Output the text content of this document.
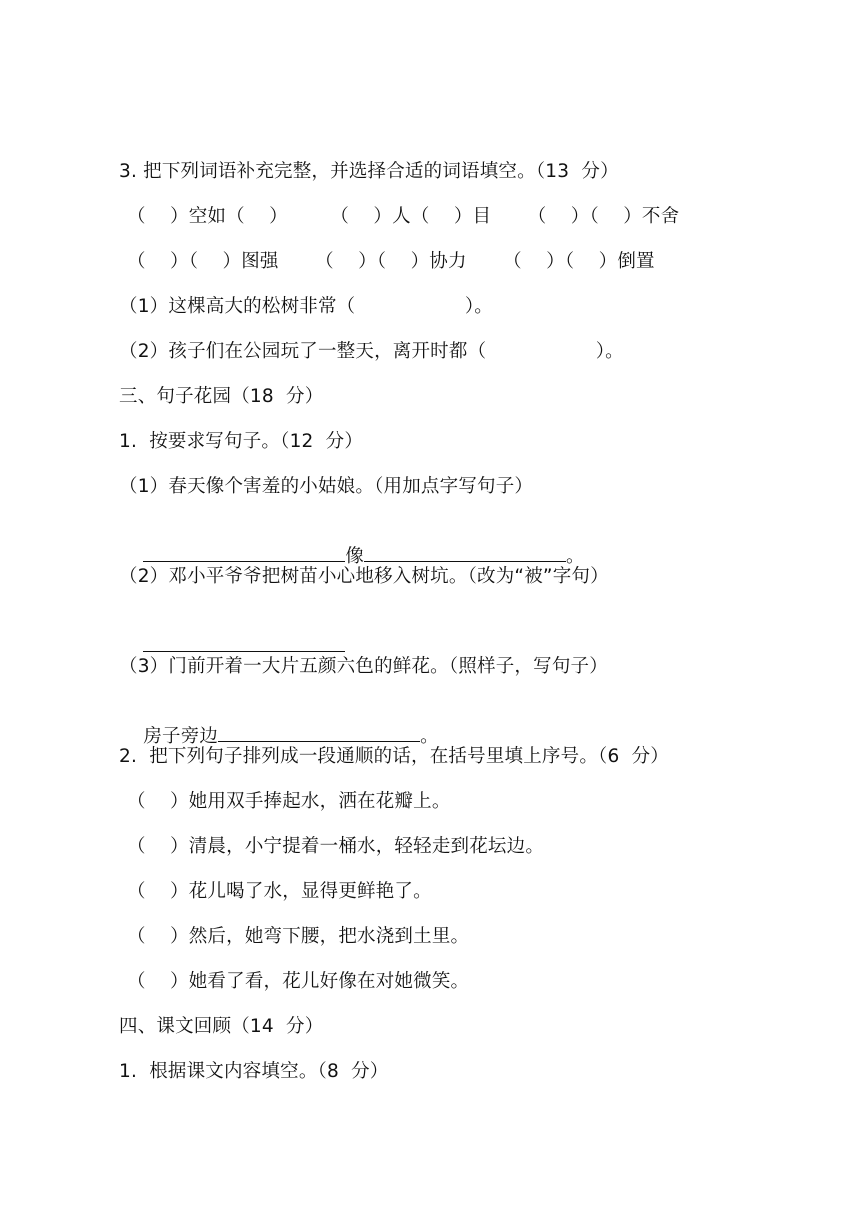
3. 把下列词语补充完整，并选择合适的词语填空。（13  分）
（    ）空如（    ）       （    ）人（    ）目      （    ）（    ）不舍
（    ）（    ）图强      （    ）（    ）协力      （    ）（    ）倒置
（1）这棵高大的松树非常（                  ）。
（2）孩子们在公园玩了一整天，离开时都（                  ）。
三、句子花园（18  分）
1.  按要求写句子。（12  分）
（1）春天像个害羞的小姑娘。（用加点字写句子）

像	。

（2）邓小平爷爷把树苗小心地移入树坑。（改为“被”字句）

（3）门前开着一大片五颜六色的鲜花。（照样子，写句子）

房子旁边	。

2.  把下列句子排列成一段通顺的话，在括号里填上序号。（6  分）
（    ）她用双手捧起水，洒在花瓣上。
（    ）清晨，小宁提着一桶水，轻轻走到花坛边。
（    ）花儿喝了水，显得更鲜艳了。
（    ）然后，她弯下腰，把水浇到土里。
（    ）她看了看，花儿好像在对她微笑。
四、课文回顾（14  分）
1.  根据课文内容填空。（8  分）
